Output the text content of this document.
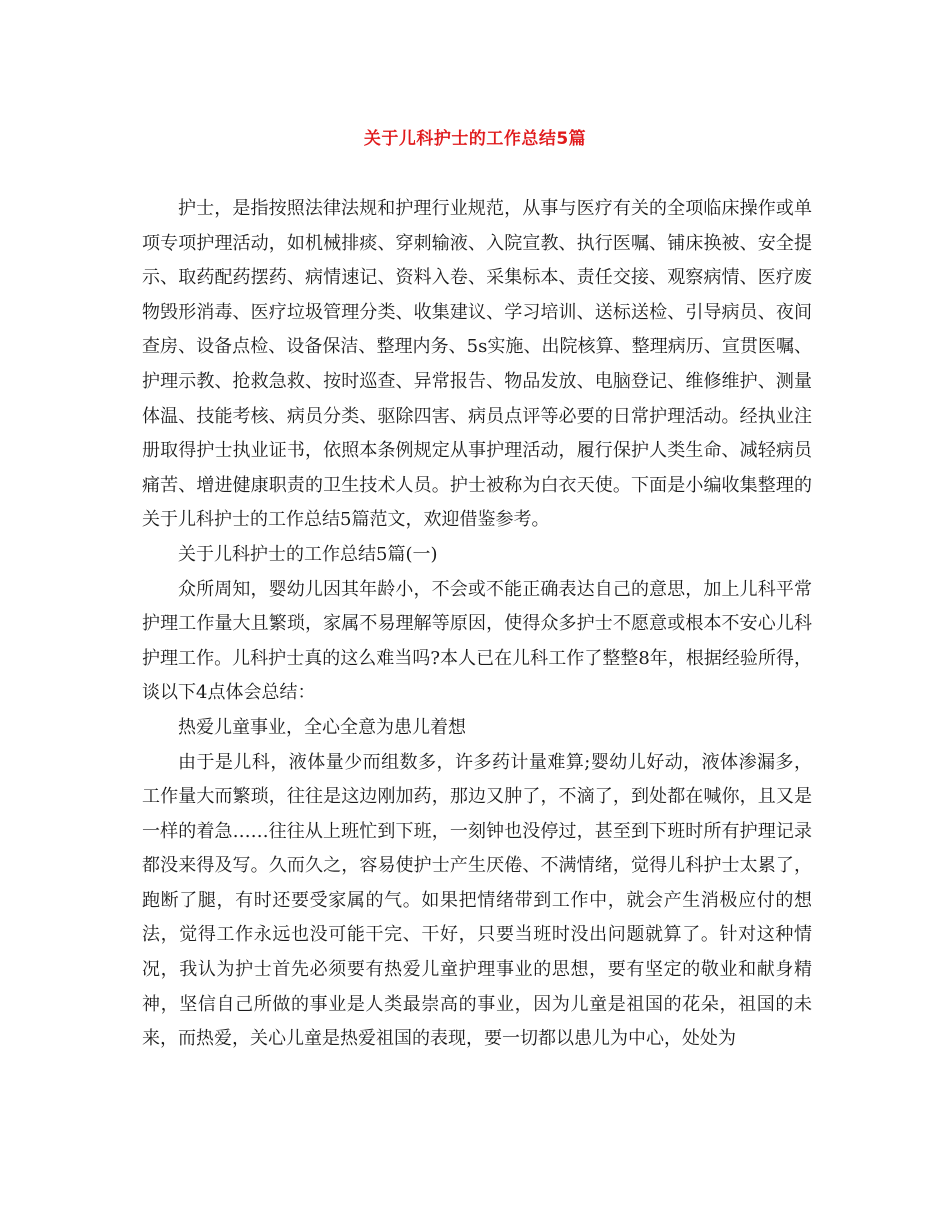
关于儿科护士的工作总结5篇

护士，是指按照法律法规和护理行业规范，从事与医疗有关的全项临床操作或单项专项护理活动，如机械排痰、穿刺输液、入院宣教、执行医嘱、铺床换被、安全提示、取药配药摆药、病情速记、资料入卷、采集标本、责任交接、观察病情、医疗废物毁形消毒、医疗垃圾管理分类、收集建议、学习培训、送标送检、引导病员、夜间查房、设备点检、设备保洁、整理内务、5s实施、出院核算、整理病历、宣贯医嘱、护理示教、抢救急救、按时巡查、异常报告、物品发放、电脑登记、维修维护、测量体温、技能考核、病员分类、驱除四害、病员点评等必要的日常护理活动。经执业注册取得护士执业证书，依照本条例规定从事护理活动，履行保护人类生命、减轻病员痛苦、增进健康职责的卫生技术人员。护士被称为白衣天使。下面是小编收集整理的关于儿科护士的工作总结5篇范文，欢迎借鉴参考。

关于儿科护士的工作总结5篇(一)

众所周知，婴幼儿因其年龄小，不会或不能正确表达自己的意思，加上儿科平常护理工作量大且繁琐，家属不易理解等原因，使得众多护士不愿意或根本不安心儿科护理工作。儿科护士真的这么难当吗?本人已在儿科工作了整整8年，根据经验所得，谈以下4点体会总结：

热爱儿童事业，全心全意为患儿着想

由于是儿科，液体量少而组数多，许多药计量难算;婴幼儿好动，液体渗漏多，工作量大而繁琐，往往是这边刚加药，那边又肿了，不滴了，到处都在喊你，且又是一样的着急……往往从上班忙到下班，一刻钟也没停过，甚至到下班时所有护理记录都没来得及写。久而久之，容易使护士产生厌倦、不满情绪，觉得儿科护士太累了，跑断了腿，有时还要受家属的气。如果把情绪带到工作中，就会产生消极应付的想法，觉得工作永远也没可能干完、干好，只要当班时没出问题就算了。针对这种情况，我认为护士首先必须要有热爱儿童护理事业的思想，要有坚定的敬业和献身精神，坚信自己所做的事业是人类最崇高的事业，因为儿童是祖国的花朵，祖国的未来，而热爱，关心儿童是热爱祖国的表现，要一切都以患儿为中心，处处为
